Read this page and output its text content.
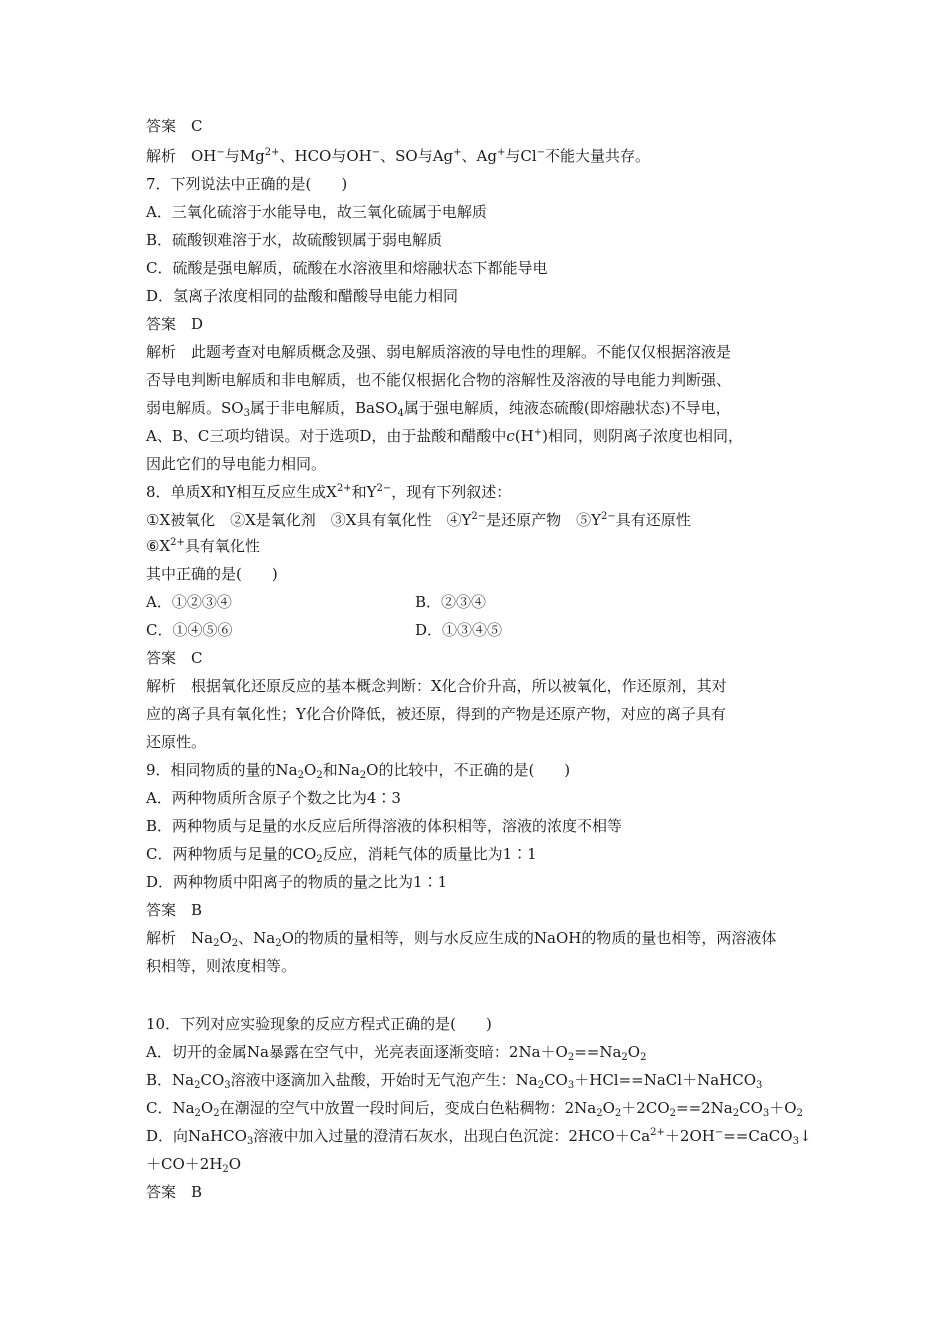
答案　C
解析　OH−与$Mg^{2+}$、HCO与OH−、SO与Ag+、Ag+与Cl−不能大量共存。
7．下列说法中正确的是(　　)
A．三氧化硫溶于水能导电，故三氧化硫属于电解质
B．硫酸钡难溶于水，故硫酸钡属于弱电解质
C．硫酸是强电解质，硫酸在水溶液里和熔融状态下都能导电
D．氢离子浓度相同的盐酸和醋酸导电能力相同
答案　D
解析　此题考查对电解质概念及强、弱电解质溶液的导电性的理解。不能仅仅根据溶液是
否导电判断电解质和非电解质，也不能仅根据化合物的溶解性及溶液的导电能力判断强、
弱电解质。$SO_3$属于非电解质，BaSO$_4$属于强电解质，纯液态硫酸(即熔融状态)不导电，
A、B、C三项均错误。对于选项D，由于盐酸和醋酸中c(H+)相同，则阴离子浓度也相同，
因此它们的导电能力相同。
8．单质X和Y相互反应生成$X^{2+}$和$Y^{2-}$，现有下列叙述：
①X被氧化　②X是氧化剂　③X具有氧化性　$④Y^{2-}$是还原产物　$⑤Y^{2-}$具有还原性
$⑥X^{2+}$具有氧化性
其中正确的是(　　)
A．①②③④	B．②③④
C．①④⑤⑥	D．①③④⑤
答案　C
解析　根据氧化还原反应的基本概念判断：X化合价升高，所以被氧化，作还原剂，其对
应的离子具有氧化性；Y化合价降低，被还原，得到的产物是还原产物，对应的离子具有
还原性。
9．相同物质的量的$Na_2O_2$和$Na_2O$的比较中，不正确的是(　　)
A．两种物质所含原子个数之比为4∶3
B．两种物质与足量的水反应后所得溶液的体积相等，溶液的浓度不相等
C．两种物质与足量的$CO_2$反应，消耗气体的质量比为1∶1
D．两种物质中阳离子的物质的量之比为1∶1
答案　B
解析　$Na_2O_2$、$Na_2O$的物质的量相等，则与水反应生成的NaOH的物质的量也相等，两溶液体
积相等，则浓度相等。
10．下列对应实验现象的反应方程式正确的是(　　)
A．切开的金属Na暴露在空气中，光亮表面逐渐变暗：$2Na+O_2==Na_2O_2$
B．$Na_2CO_3$溶液中逐滴加入盐酸，开始时无气泡产生：$Na_2CO_3+HCl==NaCl+NaHCO_3$
C．$Na_2O_2$在潮湿的空气中放置一段时间后，变成白色粘稠物：$2Na_2O_2+2CO_2==2Na_2CO_3+O_2$
D．向NaHCO$_3$溶液中加入过量的澄清石灰水，出现白色沉淀：$2HCO+Ca^{2+}+2OH^-==CaCO_3↓$
$+CO+2H_2O$
答案　B
